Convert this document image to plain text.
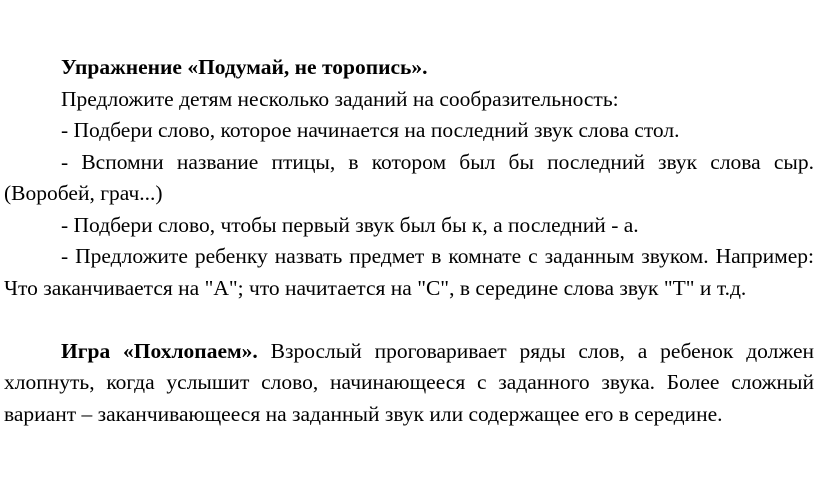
Упражнение «Подумай, не торопись».

Предложите детям несколько заданий на сообразительность:

- Подбери слово, которое начинается на последний звук слова стол.

- Вспомни название птицы, в котором был бы последний звук слова сыр. (Воробей, грач...)

- Подбери слово, чтобы первый звук был бы к, а последний - а.

- Предложите ребенку назвать предмет в комнате с заданным звуком. Например: Что заканчивается на "А"; что начитается на "С", в середине слова звук "Т" и т.д.

Игра «Похлопаем». Взрослый проговаривает ряды слов, а ребенок должен хлопнуть, когда услышит слово, начинающееся с заданного звука. Более сложный вариант – заканчивающееся на заданный звук или содержащее его в середине.
